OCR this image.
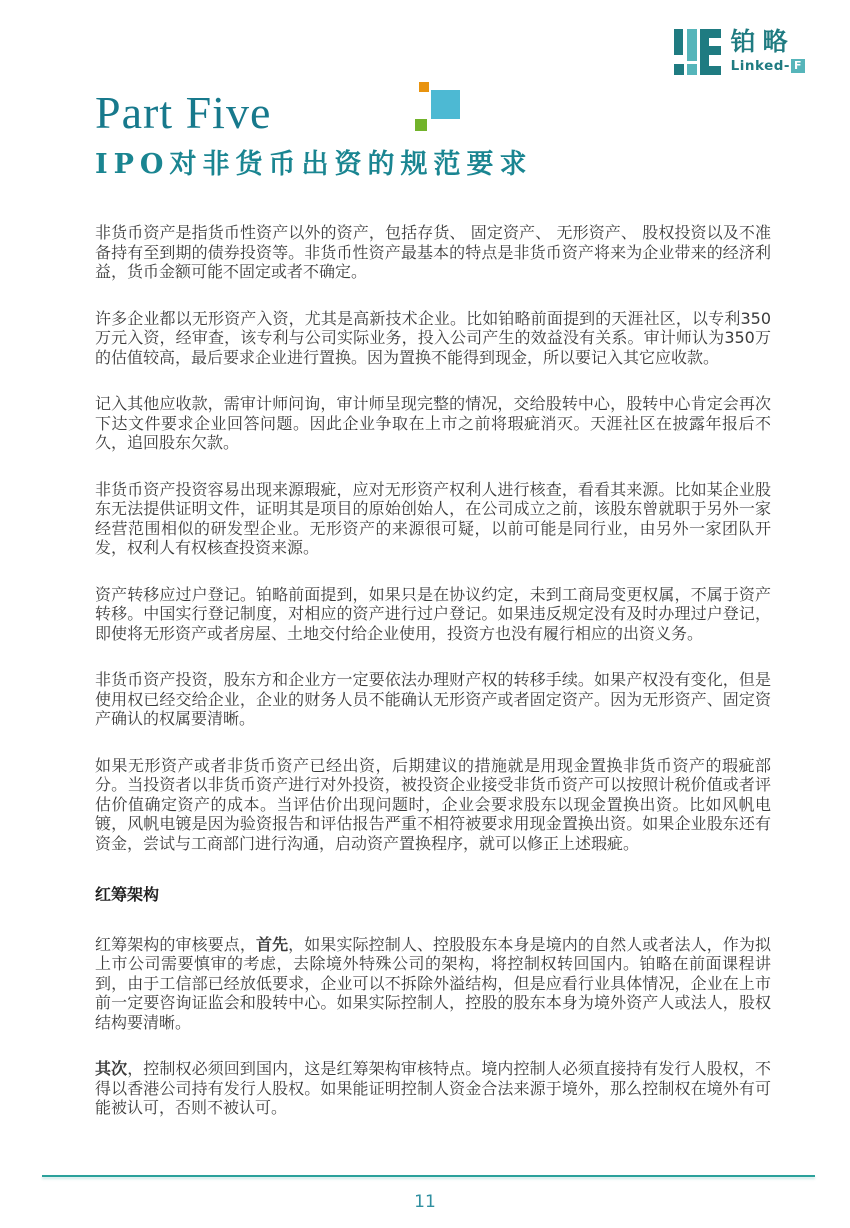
铂略
Linked- F
Part Five
IPO对非货币出资的规范要求

非货币资产是指货币性资产以外的资产，包括存货、 固定资产、 无形资产、 股权投资以及不准备持有至到期的债券投资等。非货币性资产最基本的特点是非货币资产将来为企业带来的经济利益，货币金额可能不固定或者不确定。

许多企业都以无形资产入资，尤其是高新技术企业。比如铂略前面提到的天涯社区，以专利350万元入资，经审查，该专利与公司实际业务，投入公司产生的效益没有关系。审计师认为350万的估值较高，最后要求企业进行置换。因为置换不能得到现金，所以要记入其它应收款。

记入其他应收款，需审计师问询，审计师呈现完整的情况，交给股转中心，股转中心肯定会再次下达文件要求企业回答问题。因此企业争取在上市之前将瑕疵消灭。天涯社区在披露年报后不久，追回股东欠款。

非货币资产投资容易出现来源瑕疵，应对无形资产权利人进行核查，看看其来源。比如某企业股东无法提供证明文件，证明其是项目的原始创始人，在公司成立之前，该股东曾就职于另外一家经营范围相似的研发型企业。无形资产的来源很可疑，以前可能是同行业，由另外一家团队开发，权利人有权核查投资来源。

资产转移应过户登记。铂略前面提到，如果只是在协议约定，未到工商局变更权属，不属于资产转移。中国实行登记制度，对相应的资产进行过户登记。如果违反规定没有及时办理过户登记，即使将无形资产或者房屋、土地交付给企业使用，投资方也没有履行相应的出资义务。

非货币资产投资，股东方和企业方一定要依法办理财产权的转移手续。如果产权没有变化，但是使用权已经交给企业，企业的财务人员不能确认无形资产或者固定资产。因为无形资产、固定资产确认的权属要清晰。

如果无形资产或者非货币资产已经出资，后期建议的措施就是用现金置换非货币资产的瑕疵部分。当投资者以非货币资产进行对外投资，被投资企业接受非货币资产可以按照计税价值或者评估价值确定资产的成本。当评估价出现问题时，企业会要求股东以现金置换出资。比如风帆电镀，风帆电镀是因为验资报告和评估报告严重不相符被要求用现金置换出资。如果企业股东还有资金，尝试与工商部门进行沟通，启动资产置换程序，就可以修正上述瑕疵。

红筹架构

红筹架构的审核要点，首先，如果实际控制人、控股股东本身是境内的自然人或者法人，作为拟上市公司需要慎审的考虑，去除境外特殊公司的架构，将控制权转回国内。铂略在前面课程讲到，由于工信部已经放低要求，企业可以不拆除外溢结构，但是应看行业具体情况，企业在上市前一定要咨询证监会和股转中心。如果实际控制人，控股的股东本身为境外资产人或法人，股权结构要清晰。

其次，控制权必须回到国内，这是红筹架构审核特点。境内控制人必须直接持有发行人股权，不得以香港公司持有发行人股权。如果能证明控制人资金合法来源于境外，那么控制权在境外有可能被认可，否则不被认可。

11
